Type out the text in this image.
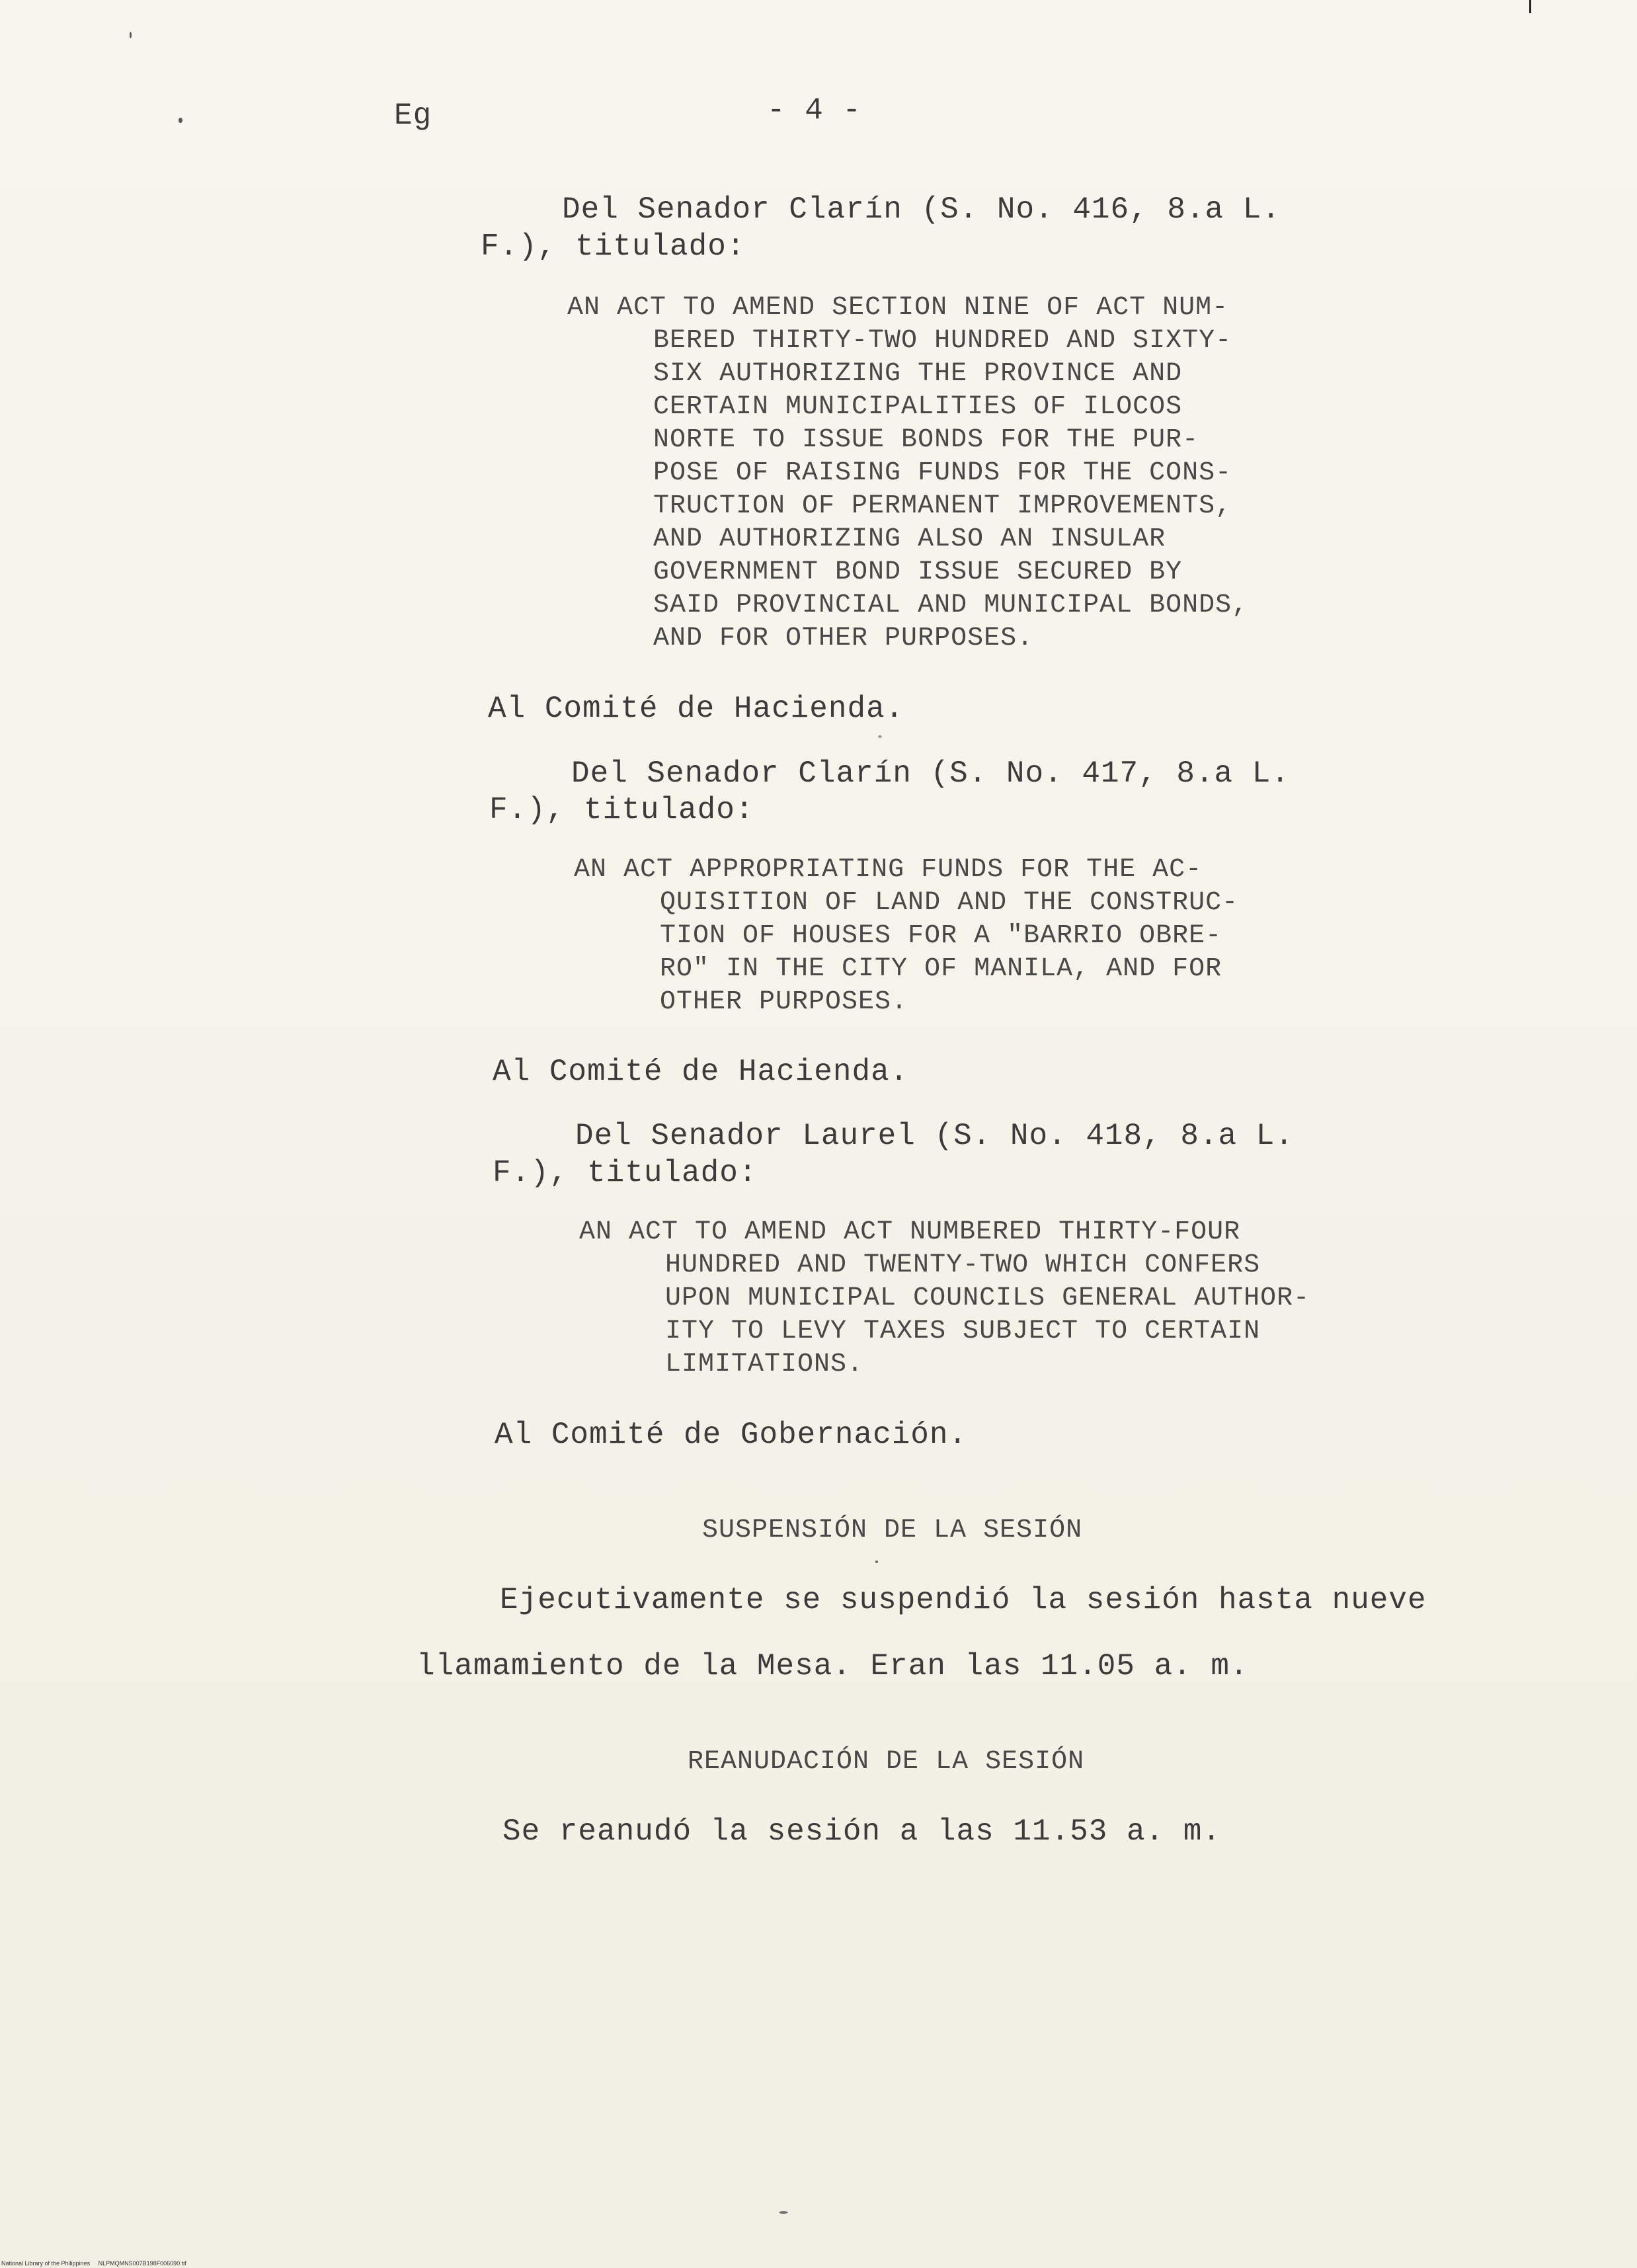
Eg	- 4 -
Del Senador Clarín (S. No. 416, 8.a L.
F.), titulado:
AN ACT TO AMEND SECTION NINE OF ACT NUM-
BERED THIRTY-TWO HUNDRED AND SIXTY-
SIX AUTHORIZING THE PROVINCE AND
CERTAIN MUNICIPALITIES OF ILOCOS
NORTE TO ISSUE BONDS FOR THE PUR-
POSE OF RAISING FUNDS FOR THE CONS-
TRUCTION OF PERMANENT IMPROVEMENTS,
AND AUTHORIZING ALSO AN INSULAR
GOVERNMENT BOND ISSUE SECURED BY
SAID PROVINCIAL AND MUNICIPAL BONDS,
AND FOR OTHER PURPOSES.
Al Comité de Hacienda.
Del Senador Clarín (S. No. 417, 8.a L.
F.), titulado:
AN ACT APPROPRIATING FUNDS FOR THE AC-
QUISITION OF LAND AND THE CONSTRUC-
TION OF HOUSES FOR A "BARRIO OBRE-
RO" IN THE CITY OF MANILA, AND FOR
OTHER PURPOSES.
Al Comité de Hacienda.
Del Senador Laurel (S. No. 418, 8.a L.
F.), titulado:
AN ACT TO AMEND ACT NUMBERED THIRTY-FOUR
HUNDRED AND TWENTY-TWO WHICH CONFERS
UPON MUNICIPAL COUNCILS GENERAL AUTHOR-
ITY TO LEVY TAXES SUBJECT TO CERTAIN
LIMITATIONS.
Al Comité de Gobernación.
SUSPENSIÓN DE LA SESIÓN
Ejecutivamente se suspendió la sesión hasta nueve
llamamiento de la Mesa. Eran las 11.05 a. m.
REANUDACIÓN DE LA SESIÓN
Se reanudó la sesión a las 11.53 a. m.
National Library of the Philippines     NLPMQMNS007B198F006090.tif
